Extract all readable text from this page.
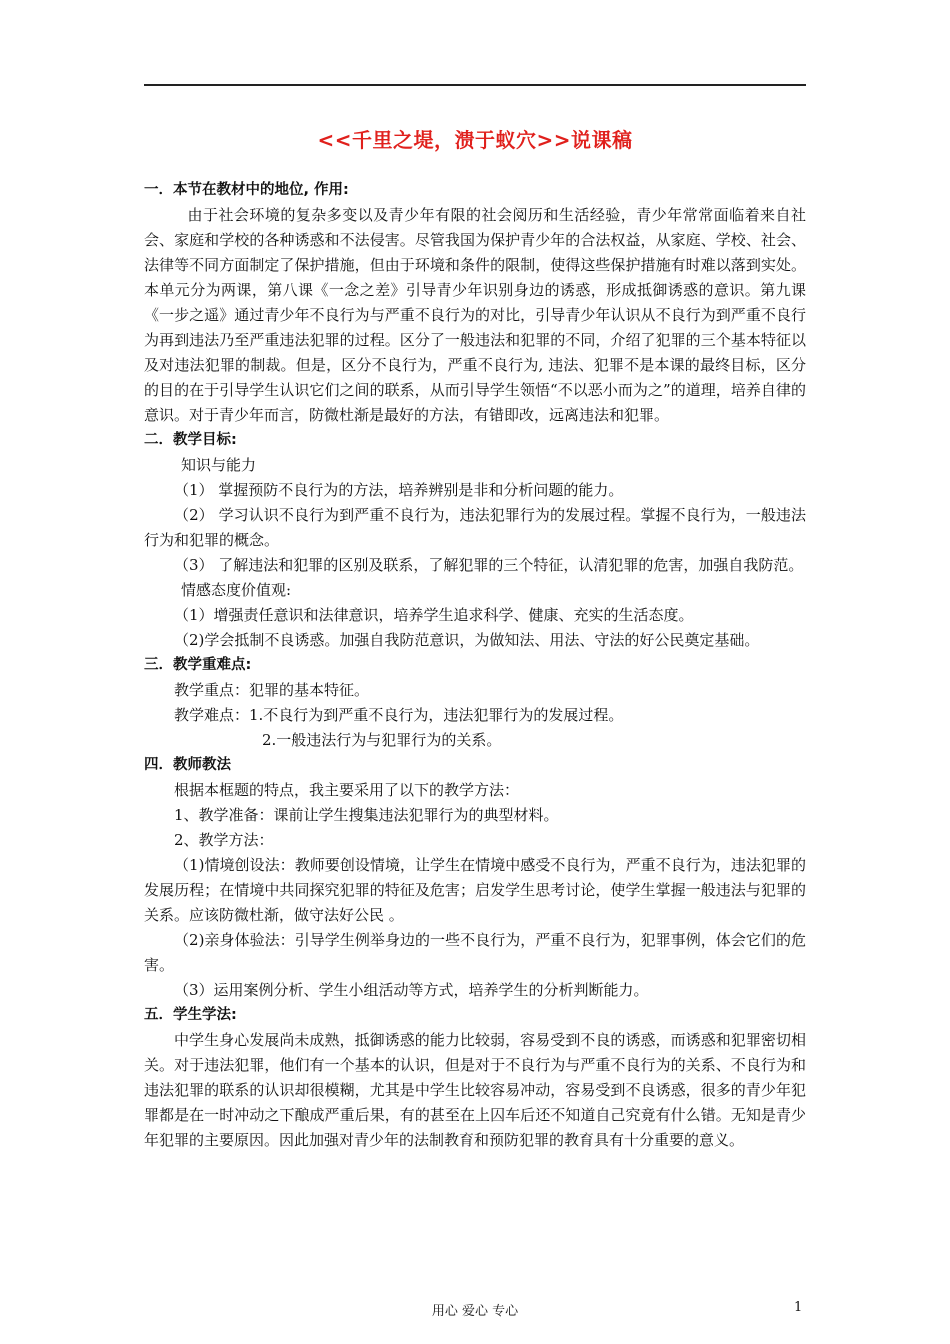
<<千里之堤，溃于蚁穴>>说课稿

一．本节在教材中的地位, 作用:

由于社会环境的复杂多变以及青少年有限的社会阅历和生活经验，青少年常常面临着来自社会、家庭和学校的各种诱惑和不法侵害。尽管我国为保护青少年的合法权益，从家庭、学校、社会、法律等不同方面制定了保护措施，但由于环境和条件的限制，使得这些保护措施有时难以落到实处。本单元分为两课，第八课《一念之差》引导青少年识别身边的诱惑，形成抵御诱惑的意识。第九课《一步之遥》通过青少年不良行为与严重不良行为的对比，引导青少年认识从不良行为到严重不良行为再到违法乃至严重违法犯罪的过程。区分了一般违法和犯罪的不同，介绍了犯罪的三个基本特征以及对违法犯罪的制裁。但是，区分不良行为，严重不良行为, 违法、犯罪不是本课的最终目标，区分的目的在于引导学生认识它们之间的联系，从而引导学生领悟“不以恶小而为之”的道理，培养自律的意识。对于青少年而言，防微杜渐是最好的方法，有错即改，远离违法和犯罪。

二．教学目标:

知识与能力

（1） 掌握预防不良行为的方法，培养辨别是非和分析问题的能力。

（2） 学习认识不良行为到严重不良行为，违法犯罪行为的发展过程。掌握不良行为，一般违法行为和犯罪的概念。

（3） 了解违法和犯罪的区别及联系，了解犯罪的三个特征，认清犯罪的危害，加强自我防范。

情感态度价值观:

（1）增强责任意识和法律意识，培养学生追求科学、健康、充实的生活态度。

（2)学会抵制不良诱惑。加强自我防范意识，为做知法、用法、守法的好公民奠定基础。

三．教学重难点:

教学重点：犯罪的基本特征。

教学难点：1.不良行为到严重不良行为，违法犯罪行为的发展过程。

2.一般违法行为与犯罪行为的关系。

四．教师教法

根据本框题的特点，我主要采用了以下的教学方法：

1、教学准备：课前让学生搜集违法犯罪行为的典型材料。

2、教学方法：

（1)情境创设法：教师要创设情境，让学生在情境中感受不良行为，严重不良行为，违法犯罪的发展历程；在情境中共同探究犯罪的特征及危害；启发学生思考讨论，使学生掌握一般违法与犯罪的关系。应该防微杜渐，做守法好公民 。

（2)亲身体验法：引导学生例举身边的一些不良行为，严重不良行为，犯罪事例，体会它们的危害。

（3）运用案例分析、学生小组活动等方式，培养学生的分析判断能力。

五．学生学法:

中学生身心发展尚未成熟，抵御诱惑的能力比较弱，容易受到不良的诱惑，而诱惑和犯罪密切相关。对于违法犯罪，他们有一个基本的认识，但是对于不良行为与严重不良行为的关系、不良行为和违法犯罪的联系的认识却很模糊，尤其是中学生比较容易冲动，容易受到不良诱惑，很多的青少年犯罪都是在一时冲动之下酿成严重后果，有的甚至在上囚车后还不知道自己究竟有什么错。无知是青少年犯罪的主要原因。因此加强对青少年的法制教育和预防犯罪的教育具有十分重要的意义。

用心 爱心 专心	1
